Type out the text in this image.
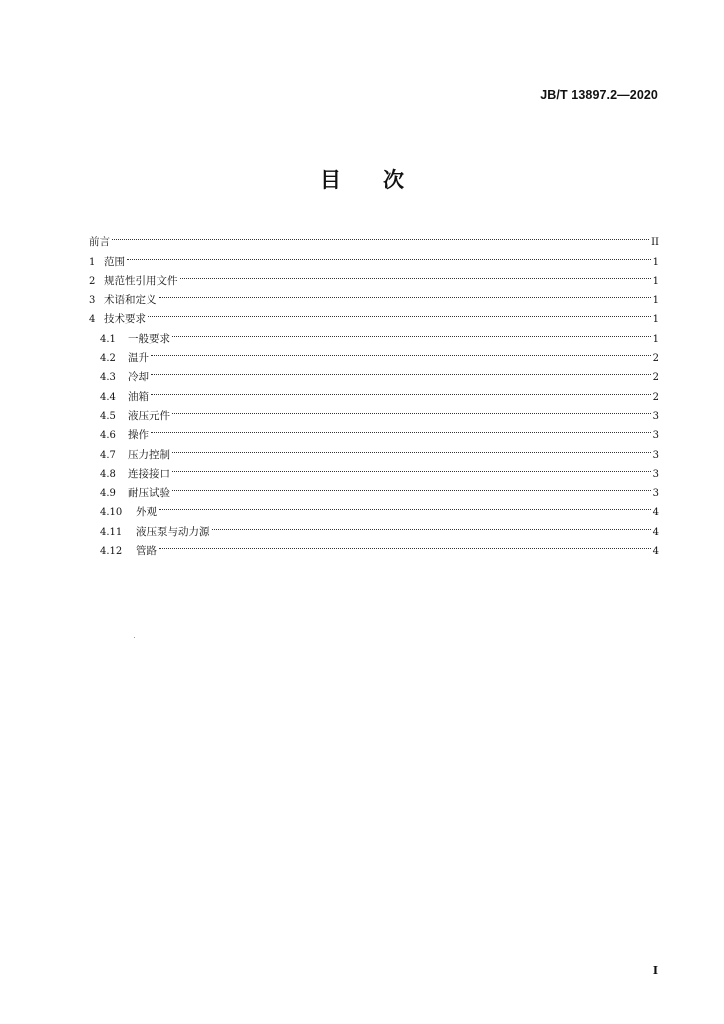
JB/T 13897.2—2020
目 次
前言	II
1 范围	1
2 规范性引用文件	1
3 术语和定义	1
4 技术要求	1
4.1	一般要求	1
4.2	温升	2
4.3	冷却	2
4.4	油箱	2
4.5	液压元件	3
4.6	操作	3
4.7	压力控制	3
4.8	连接接口	3
4.9	耐压试验	3
4.10	外观	4
4.11	液压泵与动力源	4
4.12	管路	4
I
